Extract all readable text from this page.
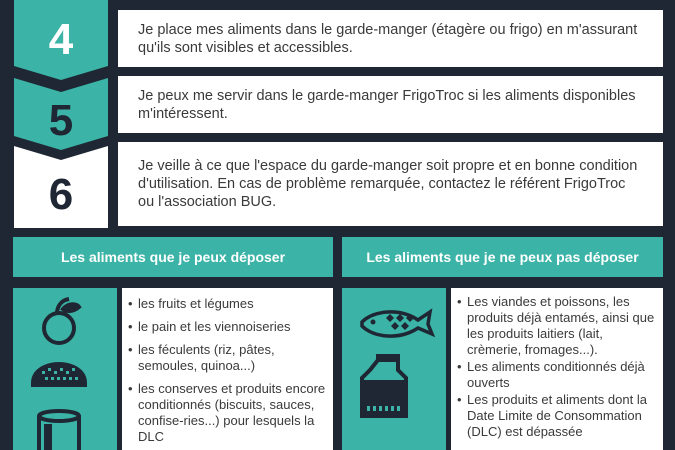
4
5
6
Je place mes aliments dans le garde-manger (étagère ou frigo) en m'assurant qu'ils sont visibles et accessibles.
Je peux me servir dans le garde-manger FrigoTroc si les aliments disponibles m'intéressent.
Je veille à ce que l'espace du garde-manger soit propre et en bonne condition d'utilisation. En cas de problème remarquée, contactez le référent FrigoTroc ou l'association BUG.
Les aliments que je peux déposer
• les fruits et légumes
• le pain et les viennoiseries
• les féculents (riz, pâtes, semoules, quinoa...)
• les conserves et produits encore conditionnés (biscuits, sauces, confise-ries...) pour lesquels la DLC
Les aliments que je ne peux pas déposer
• Les viandes et poissons, les produits déjà entamés, ainsi que les produits laitiers (lait, crèmerie, fromages...).
• Les aliments conditionnés déjà ouverts
• Les produits et aliments dont la Date Limite de Consommation (DLC) est dépassée
